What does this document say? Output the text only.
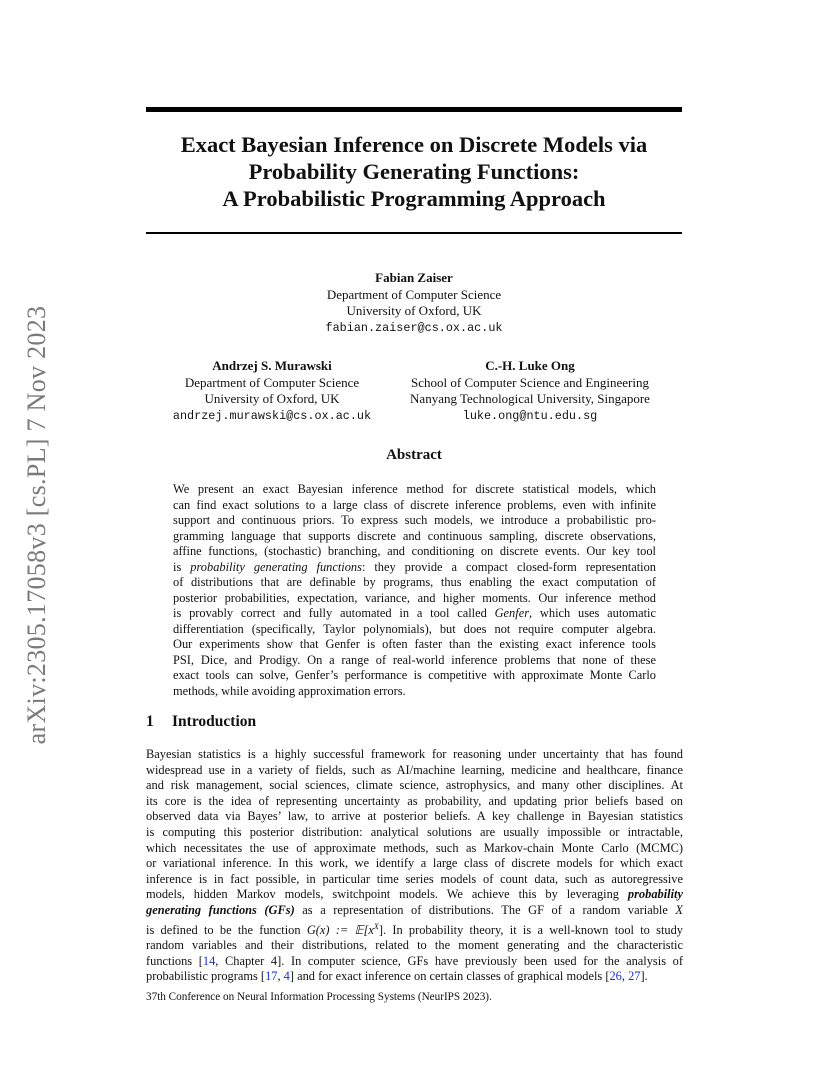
arXiv:2305.17058v3 [cs.PL] 7 Nov 2023
Exact Bayesian Inference on Discrete Models via
Probability Generating Functions:
A Probabilistic Programming Approach
Fabian Zaiser
Department of Computer Science
University of Oxford, UK
fabian.zaiser@cs.ox.ac.uk
Andrzej S. Murawski
Department of Computer Science
University of Oxford, UK
andrzej.murawski@cs.ox.ac.uk
C.-H. Luke Ong
School of Computer Science and Engineering
Nanyang Technological University, Singapore
luke.ong@ntu.edu.sg
Abstract
We present an exact Bayesian inference method for discrete statistical models, which
can find exact solutions to a large class of discrete inference problems, even with infinite
support and continuous priors. To express such models, we introduce a probabilistic pro-
gramming language that supports discrete and continuous sampling, discrete observations,
affine functions, (stochastic) branching, and conditioning on discrete events. Our key tool
is probability generating functions: they provide a compact closed-form representation
of distributions that are definable by programs, thus enabling the exact computation of
posterior probabilities, expectation, variance, and higher moments. Our inference method
is provably correct and fully automated in a tool called Genfer, which uses automatic
differentiation (specifically, Taylor polynomials), but does not require computer algebra.
Our experiments show that Genfer is often faster than the existing exact inference tools
PSI, Dice, and Prodigy. On a range of real-world inference problems that none of these
exact tools can solve, Genfer’s performance is competitive with approximate Monte Carlo
methods, while avoiding approximation errors.
1 Introduction
Bayesian statistics is a highly successful framework for reasoning under uncertainty that has found
widespread use in a variety of fields, such as AI/machine learning, medicine and healthcare, finance
and risk management, social sciences, climate science, astrophysics, and many other disciplines. At
its core is the idea of representing uncertainty as probability, and updating prior beliefs based on
observed data via Bayes’ law, to arrive at posterior beliefs. A key challenge in Bayesian statistics
is computing this posterior distribution: analytical solutions are usually impossible or intractable,
which necessitates the use of approximate methods, such as Markov-chain Monte Carlo (MCMC)
or variational inference. In this work, we identify a large class of discrete models for which exact
inference is in fact possible, in particular time series models of count data, such as autoregressive
models, hidden Markov models, switchpoint models. We achieve this by leveraging probability
generating functions (GFs) as a representation of distributions. The GF of a random variable X
is defined to be the function G(x) := $𝔼[x^X]$. In probability theory, it is a well-known tool to study
random variables and their distributions, related to the moment generating and the characteristic
functions [14, Chapter 4]. In computer science, GFs have previously been used for the analysis of
probabilistic programs [17, 4] and for exact inference on certain classes of graphical models [26, 27].
37th Conference on Neural Information Processing Systems (NeurIPS 2023).
